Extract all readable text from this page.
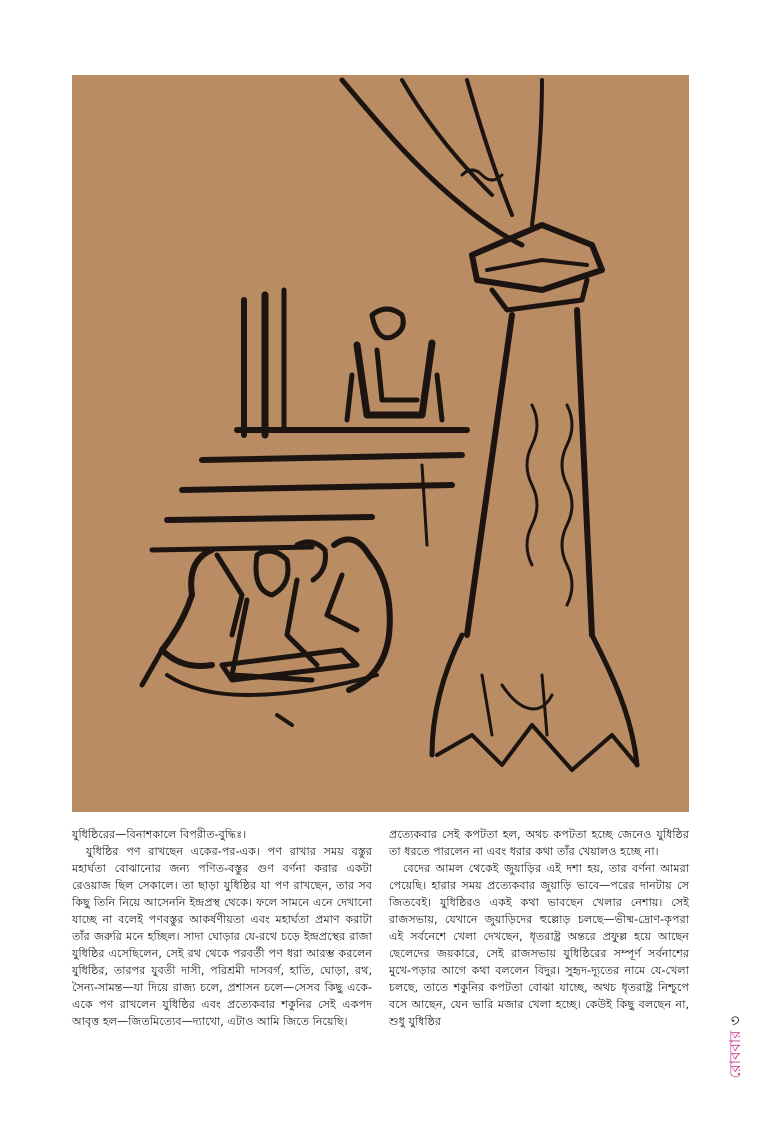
যুধিষ্ঠিরের—বিনাশকালে বিপরীত-বুদ্ধিঃ।

যুধিষ্ঠির পণ রাখছেন একের-পর-এক। পণ রাখার সময় বস্তুর মহার্ঘতা বোঝানোর জন্য পণিত-বস্তুর গুণ বর্ণনা করার একটা রেওয়াজ ছিল সেকালে। তা ছাড়া যুধিষ্ঠির যা পণ রাখছেন, তার সব কিছু তিনি নিয়ে আসেননি ইন্দ্রপ্রস্থ থেকে। ফলে সামনে এনে দেখানো যাচ্ছে না বলেই পণবস্তুর আকর্ষণীয়তা এবং মহার্ঘতা প্রমাণ করাটা তাঁর জরুরি মনে হচ্ছিল। সাদা ঘোড়ার যে-রথে চড়ে ইন্দ্রপ্রস্থের রাজা যুধিষ্ঠির এসেছিলেন, সেই রথ থেকে পরবর্তী পণ ধরা আরম্ভ করলেন যুধিষ্ঠির, তারপর যুবতী দাসী, পরিশ্রমী দাসবর্গ, হাতি, ঘোড়া, রথ, সৈন্য-সামন্ত—যা দিয়ে রাজ্য চলে, প্রশাসন চলে—সেসব কিছু একে-একে পণ রাখলেন যুধিষ্ঠির এবং প্রত্যেকবার শকুনির সেই একপদ আবৃত্ত হল—জিতমিত্যেব—দ্যাখো, এটাও আমি জিতে নিয়েছি।

প্রত্যেকবার সেই কপটতা হল, অথচ কপটতা হচ্ছে জেনেও যুধিষ্ঠির তা ধরতে পারলেন না এবং ধরার কথা তাঁর খেয়ালও হচ্ছে না।

বেদের আমল থেকেই জুয়াড়ির এই দশা হয়, তার বর্ণনা আমরা পেয়েছি। হারার সময় প্রত্যেকবার জুয়াড়ি ভাবে—পরের দানটায় সে জিতবেই। যুধিষ্ঠিরও একই কথা ভাবছেন খেলার নেশায়। সেই রাজসভায়, যেখানে জুয়াড়িদের হুল্লোড় চলছে—ভীষ্ম-দ্রোণ-কৃপরা এই সর্বনেশে খেলা দেখছেন, ধৃতরাষ্ট্র অন্তরে প্রফুল্ল হয়ে আছেন ছেলেদের জয়কারে, সেই রাজসভায় যুধিষ্ঠিরের সম্পূর্ণ সর্বনাশের মুখে-পড়ার আগে কথা বললেন বিদুর। সুহৃদ-দ্যূতের নামে যে-খেলা চলছে, তাতে শকুনির কপটতা বোঝা যাচ্ছে, অথচ ধৃতরাষ্ট্র নিশ্চুপে বসে আছেন, যেন ভারি মজার খেলা হচ্ছে। কেউই কিছু বলছেন না, শুধু যুধিষ্ঠির

রোববার ৩
